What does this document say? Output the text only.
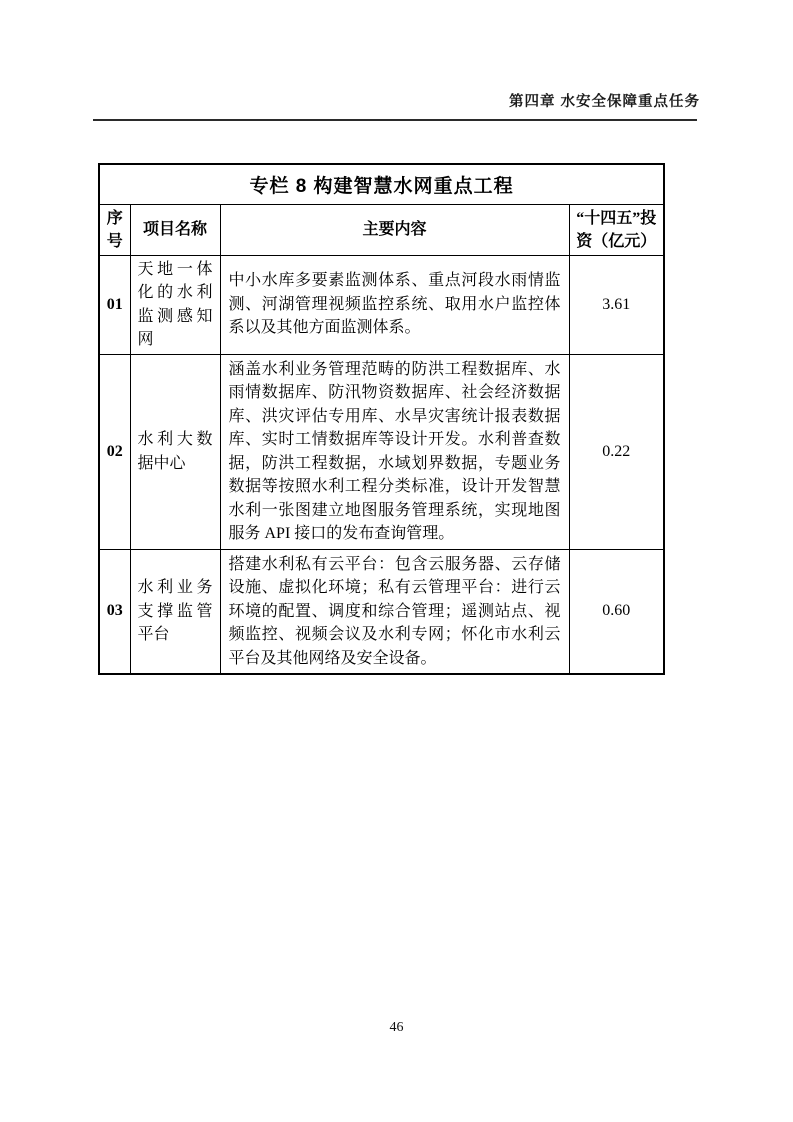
第四章 水安全保障重点任务
专栏 8 构建智慧水网重点工程			
序号	项目名称	主要内容	“十四五”投资（亿元）
01	天地一体化的水利监测感知网	中小水库多要素监测体系、重点河段水雨情监测、河湖管理视频监控系统、取用水户监控体系以及其他方面监测体系。	3.61
02	水利大数据中心	涵盖水利业务管理范畴的防洪工程数据库、水雨情数据库、防汛物资数据库、社会经济数据库、洪灾评估专用库、水旱灾害统计报表数据库、实时工情数据库等设计开发。水利普查数据，防洪工程数据，水域划界数据，专题业务数据等按照水利工程分类标准，设计开发智慧水利一张图建立地图服务管理系统，实现地图服务 API 接口的发布查询管理。	0.22
03	水利业务支撑监管平台	搭建水利私有云平台：包含云服务器、云存储设施、虚拟化环境；私有云管理平台：进行云环境的配置、调度和综合管理；遥测站点、视频监控、视频会议及水利专网；怀化市水利云平台及其他网络及安全设备。	0.60
46
